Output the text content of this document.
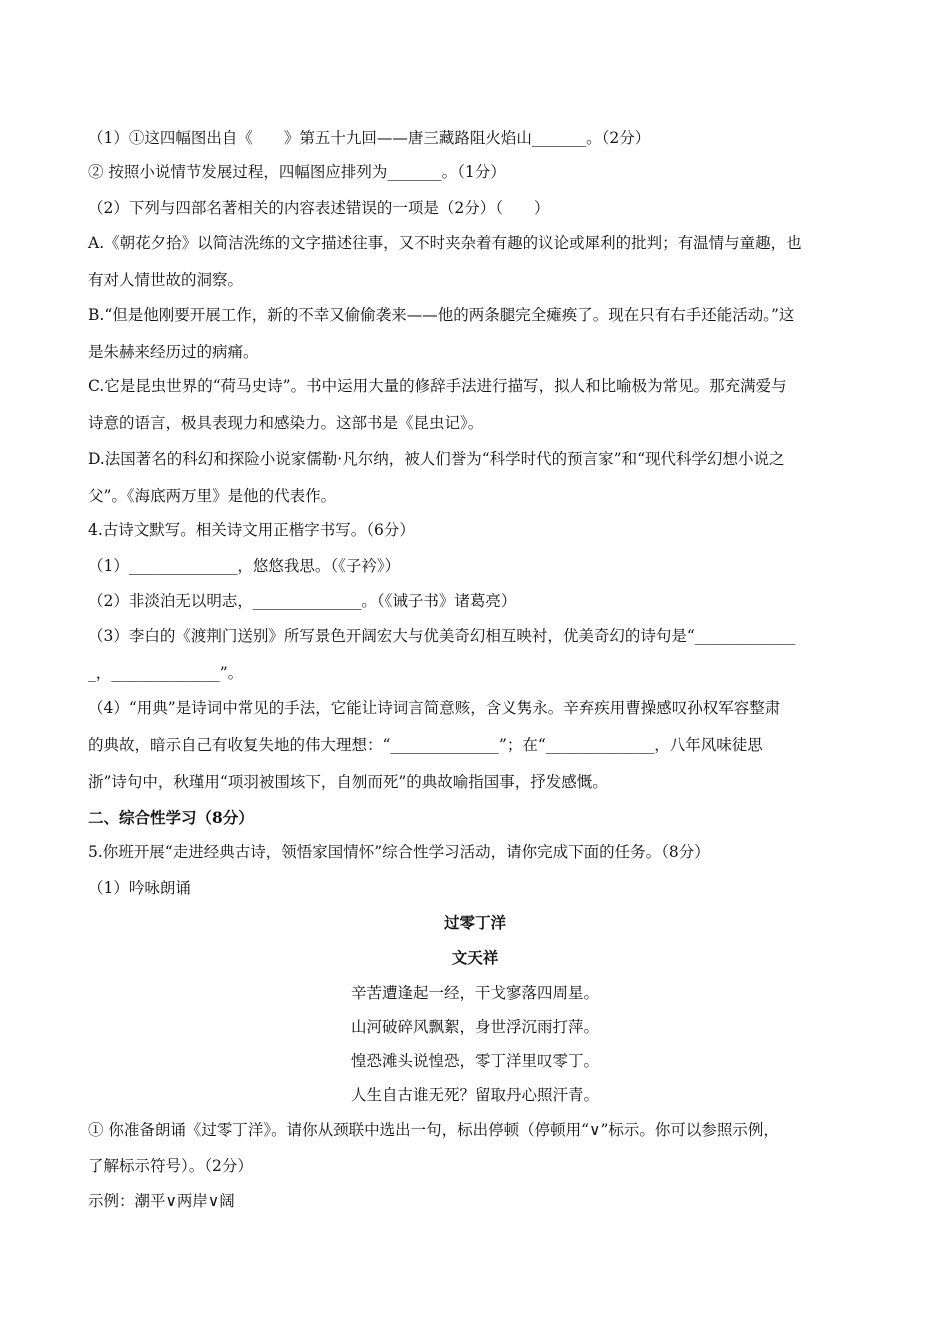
（1）①这四幅图出自《　　》第五十九回——唐三藏路阻火焰山_______。（2分）
② 按照小说情节发展过程，四幅图应排列为_______。（1分）
（2）下列与四部名著相关的内容表述错误的一项是（2分）（　　）
A.《朝花夕拾》以简洁洗练的文字描述往事，又不时夹杂着有趣的议论或犀利的批判；有温情与童趣，也
有对人情世故的洞察。
B.“但是他刚要开展工作，新的不幸又偷偷袭来——他的两条腿完全瘫痪了。现在只有右手还能活动。”这
是朱赫来经历过的病痛。
C.它是昆虫世界的“荷马史诗”。书中运用大量的修辞手法进行描写，拟人和比喻极为常见。那充满爱与
诗意的语言，极具表现力和感染力。这部书是《昆虫记》。
D.法国著名的科幻和探险小说家儒勒·凡尔纳，被人们誉为“科学时代的预言家”和“现代科学幻想小说之
父”。《海底两万里》是他的代表作。
4.古诗文默写。相关诗文用正楷字书写。（6分）
（1）______________，悠悠我思。（《子衿》）
（2）非淡泊无以明志，______________。（《诫子书》诸葛亮）
（3）李白的《渡荆门送别》所写景色开阔宏大与优美奇幻相互映衬，优美奇幻的诗句是“_____________
_，______________”。
（4）“用典”是诗词中常见的手法，它能让诗词言简意赅，含义隽永。辛弃疾用曹操感叹孙权军容整肃
的典故，暗示自己有收复失地的伟大理想：“______________”；在“______________，八年风味徒思
浙”诗句中，秋瑾用“项羽被围垓下，自刎而死”的典故喻指国事，抒发感慨。
二、综合性学习（8分）
5.你班开展“走进经典古诗，领悟家国情怀”综合性学习活动，请你完成下面的任务。（8分）
（1）吟咏朗诵
过零丁洋
文天祥
辛苦遭逢起一经，干戈寥落四周星。
山河破碎风飘絮，身世浮沉雨打萍。
惶恐滩头说惶恐，零丁洋里叹零丁。
人生自古谁无死？留取丹心照汗青。
① 你准备朗诵《过零丁洋》。请你从颈联中选出一句，标出停顿（停顿用“∨”标示。你可以参照示例，
了解标示符号）。（2分）
示例：潮平∨两岸∨阔
